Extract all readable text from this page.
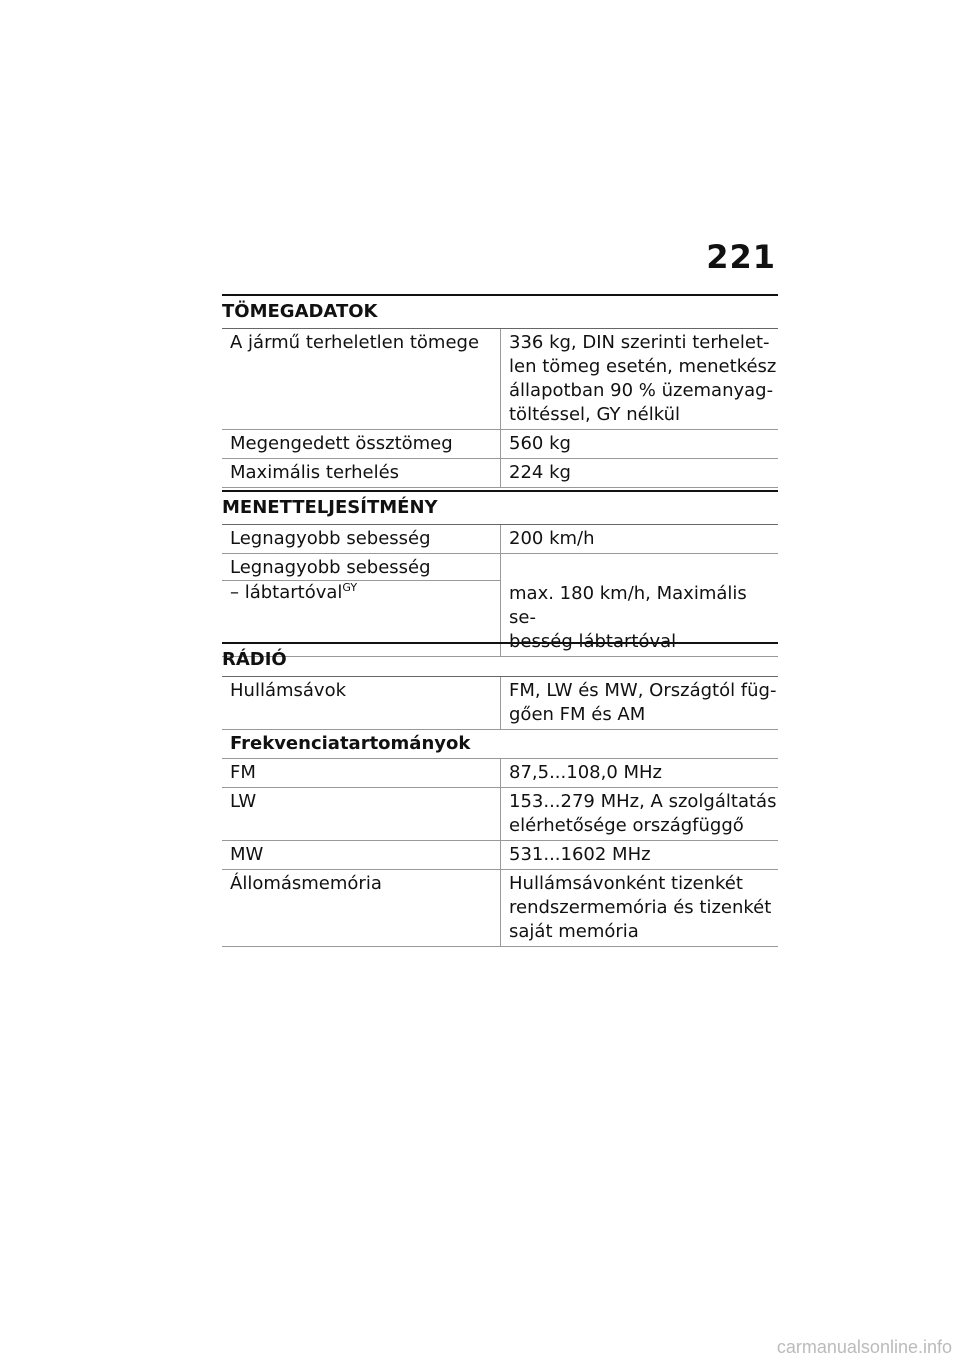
221
TÖMEGADATOK
A jármű terheletlen tömege	336 kg, DIN szerinti terhelet-
len tömeg esetén, menetkész
állapotban 90 % üzemanyag-
töltéssel, GY nélkül
Megengedett össztömeg	560 kg
Maximális terhelés	224 kg
MENETTELJESÍTMÉNY
Legnagyobb sebesség	200 km/h
Legnagyobb sebesség
– lábtartóval$^{GY}$	max. 180 km/h, Maximális se-
besség lábtartóval
RÁDIÓ
Hullámsávok	FM, LW és MW, Országtól füg-
gően FM és AM
Frekvenciatartományok
FM	87,5...108,0 MHz
LW	153...279 MHz, A szolgáltatás
elérhetősége országfüggő
MW	531...1602 MHz
Állomásmemória	Hullámsávonként tizenkét
rendszermemória és tizenkét
saját memória
carmanualsonline.info
